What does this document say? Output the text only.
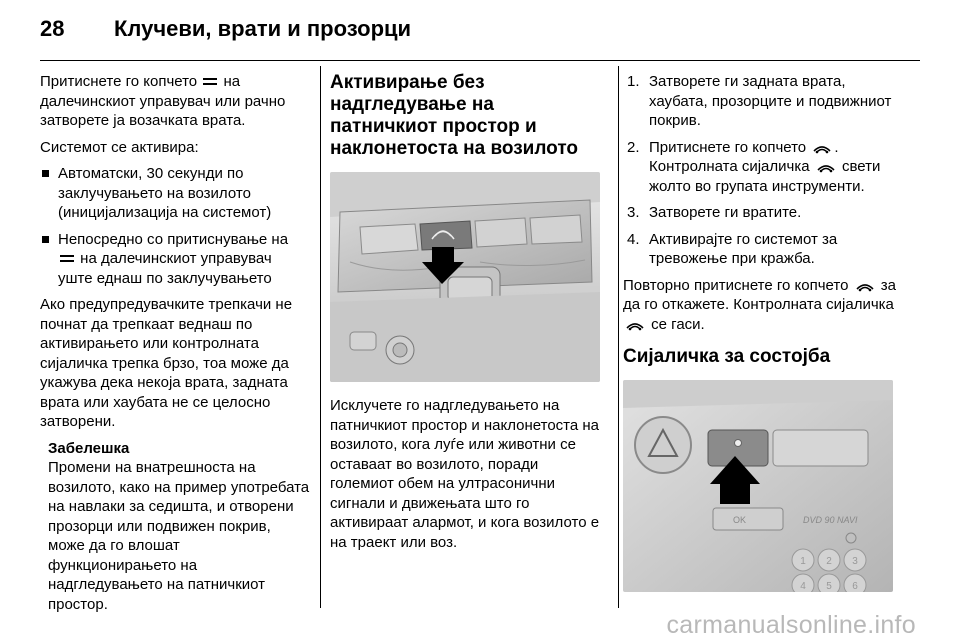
28	Клучеви, врати и прозорци

Притиснете го копчето на далечинскиот управувач или рачно затворете ја возачката врата.

Системот се активира:

Автоматски, 30 секунди по заклучувањето на возилото (иницијализација на системот)
Непосредно со притиснување на  на далечинскиот управувач уште еднаш по заклучувањето

Ако предупредувачките трепкачи не почнат да трепкаат веднаш по активирањето или контролната сијаличка трепка брзо, тоа може да укажува дека некоја врата, задната врата или хаубата не се целосно затворени.

Забелешка
Промени на внатрешноста на возилото, како на пример употребата на навлаки за седишта, и отворени прозорци или подвижен покрив, може да го влошат функционирањето на надгледувањето на патничкиот простор.
Активирање без надгледување на патничкиот простор и наклонетоста на возилото

Исклучете го надгледувањето на патничкиот простор и наклонетоста на возилото, кога луѓе или животни се оставаат во возилото, поради големиот обем на ултрасонични сигнали и движењата што го активираат алармот, и кога возилото е на траект или воз.

1. Затворете ги задната врата, хаубата, прозорците и подвижниот покрив.
2. Притиснете го копчето .
Контролната сијаличка свети жолто во групата инструменти.
3. Затворете ги вратите.
4. Активирајте го системот за тревожење при кражба.

Повторно притиснете го копчето за да го откажете. Контролната сијаличка  се гаси.

Сијаличка за состојба
OK	DVD 90 NAVI
1 2 3
4 5 6
carmanualsonline.info
